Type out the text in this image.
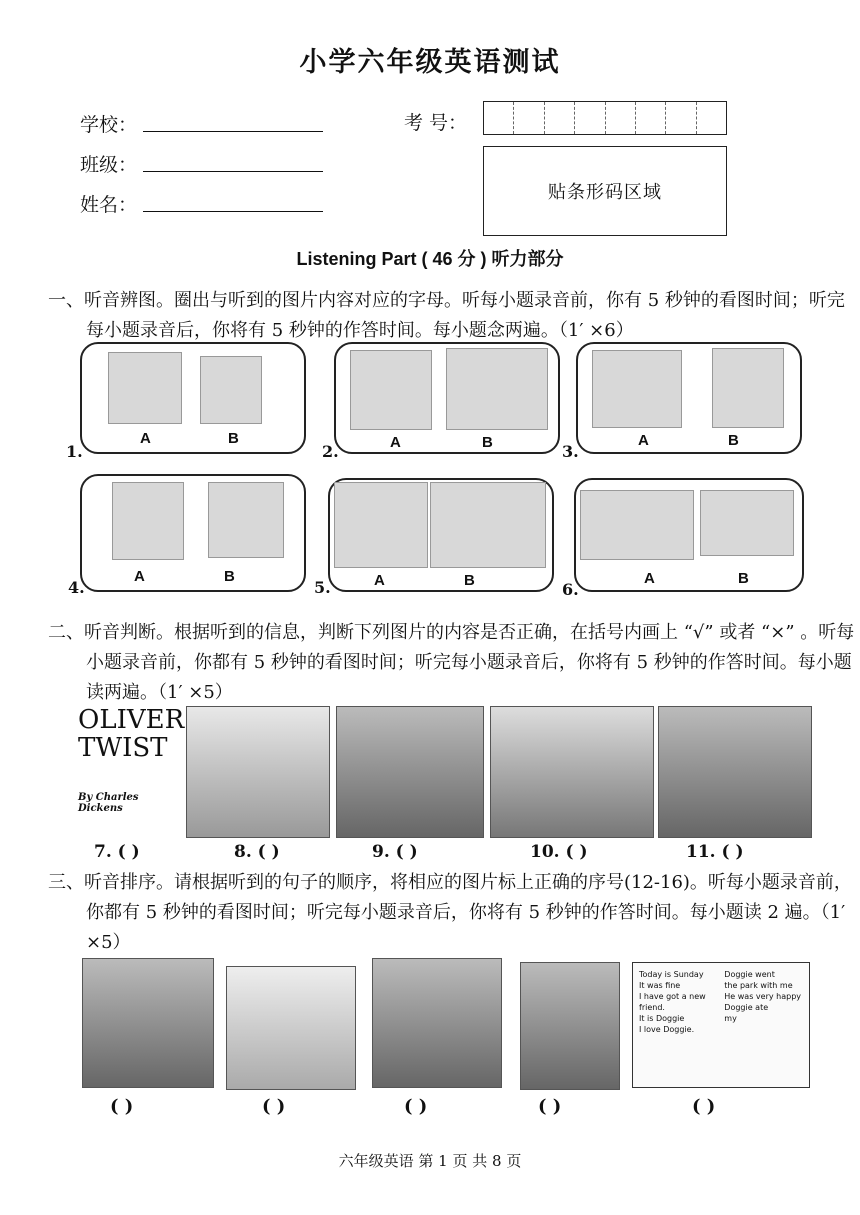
小学六年级英语测试
学校：
班级：
姓名：
考 号：
贴条形码区域
Listening Part ( 46 分 ) 听力部分
一、听音辨图。圈出与听到的图片内容对应的字母。听每小题录音前，你有 5 秒钟的看图时间；听完每小题录音后，你将有 5 秒钟的作答时间。每小题念两遍。（1′ ×6）
A	B
1.	A	B
2.
A	B
3.
A	B
4.	A	B
5.	A	B
6.
二、听音判断。根据听到的信息，判断下列图片的内容是否正确，在括号内画上 “√” 或者 “×” 。听每小题录音前，你都有 5 秒钟的看图时间；听完每小题录音后，你将有 5 秒钟的作答时间。每小题读两遍。（1′ ×5）
OLIVER
TWIST
By Charles Dickens
7. ( )	8. ( )	9. ( )	10. ( )	11. ( )
三、听音排序。请根据听到的句子的顺序，将相应的图片标上正确的序号(12-16)。听每小题录音前，你都有 5 秒钟的看图时间；听完每小题录音后，你将有 5 秒钟的作答时间。每小题读 2 遍。（1′ ×5）
Today is Sunday
It was fine
I have got a new friend.
It is Doggie
I love Doggie.
Doggie went
the park with me
He was very happy
Doggie ate
my
( )	( )	( )	( )	( )
六年级英语 第 1 页 共 8 页
